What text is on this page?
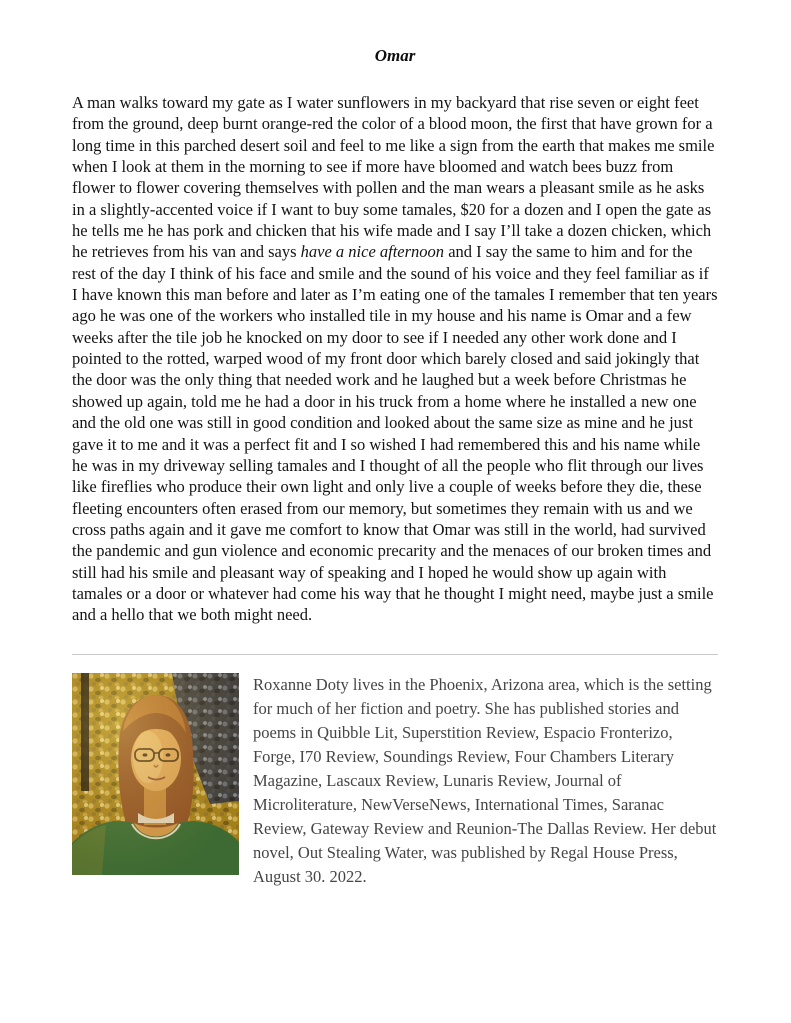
Omar

A man walks toward my gate as I water sunflowers in my backyard that rise seven or eight feet from the ground, deep burnt orange-red the color of a blood moon, the first that have grown for a long time in this parched desert soil and feel to me like a sign from the earth that makes me smile when I look at them in the morning to see if more have bloomed and watch bees buzz from flower to flower covering themselves with pollen and the man wears a pleasant smile as he asks in a slightly-accented voice if I want to buy some tamales, $20 for a dozen and I open the gate as he tells me he has pork and chicken that his wife made and I say I’ll take a dozen chicken, which he retrieves from his van and says have a nice afternoon and I say the same to him and for the rest of the day I think of his face and smile and the sound of his voice and they feel familiar as if I have known this man before and later as I’m eating one of the tamales I remember that ten years ago he was one of the workers who installed tile in my house and his name is Omar and a few weeks after the tile job he knocked on my door to see if I needed any other work done and I pointed to the rotted, warped wood of my front door which barely closed and said jokingly that the door was the only thing that needed work and he laughed but a week before Christmas he showed up again, told me he had a door in his truck from a home where he installed a new one and the old one was still in good condition and looked about the same size as mine and he just gave it to me and it was a perfect fit and I so wished I had remembered this and his name while he was in my driveway selling tamales and I thought of all the people who flit through our lives like fireflies who produce their own light and only live a couple of weeks before they die, these fleeting encounters often erased from our memory, but sometimes they remain with us and we cross paths again and it gave me comfort to know that Omar was still in the world, had survived the pandemic and gun violence and economic precarity and the menaces of our broken times and still had his smile and pleasant way of speaking and I hoped he would show up again with tamales or a door or whatever had come his way that he thought I might need, maybe just a smile and a hello that we both might need.

Roxanne Doty lives in the Phoenix, Arizona area, which is the setting for much of her fiction and poetry. She has published stories and poems in Quibble Lit, Superstition Review, Espacio Fronterizo, Forge, I70 Review, Soundings Review, Four Chambers Literary Magazine, Lascaux Review, Lunaris Review, Journal of Microliterature, NewVerseNews, International Times, Saranac Review, Gateway Review and Reunion-The Dallas Review. Her debut novel, Out Stealing Water, was published by Regal House Press, August 30. 2022.
